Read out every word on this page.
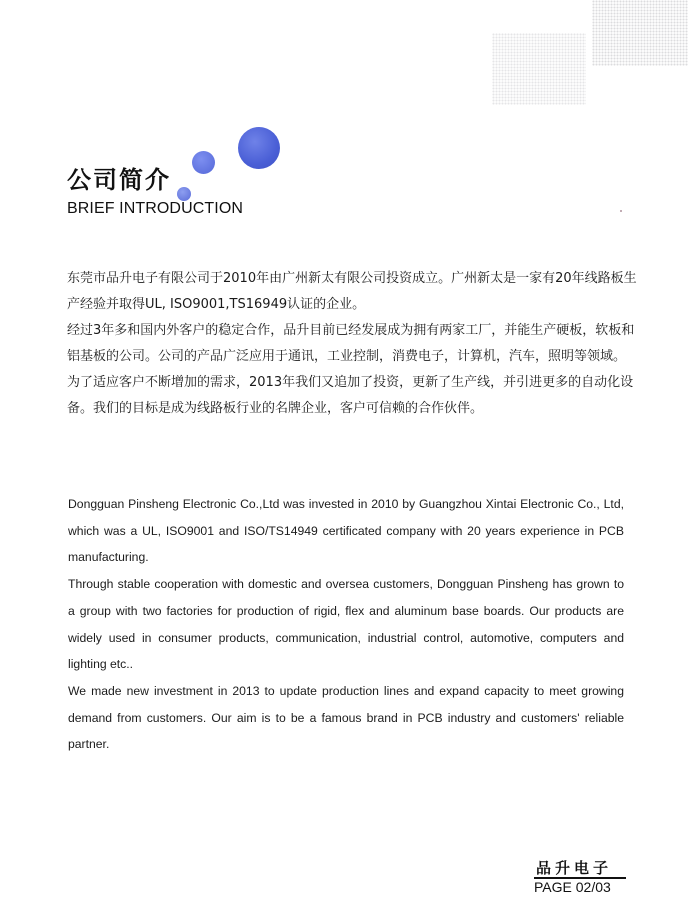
公司简介
BRIEF INTRODUCTION

东莞市品升电子有限公司于2010年由广州新太有限公司投资成立。广州新太是一家有20年线路板生产经验并取得UL, ISO9001,TS16949认证的企业。

经过3年多和国内外客户的稳定合作，品升目前已经发展成为拥有两家工厂，并能生产硬板，软板和铝基板的公司。公司的产品广泛应用于通讯，工业控制，消费电子，计算机，汽车，照明等领域。

为了适应客户不断增加的需求，2013年我们又追加了投资，更新了生产线，并引进更多的自动化设备。我们的目标是成为线路板行业的名牌企业，客户可信赖的合作伙伴。

Dongguan Pinsheng Electronic Co.,Ltd was invested in 2010 by Guangzhou Xintai Electronic Co., Ltd, which was a UL, ISO9001 and ISO/TS14949 certificated company with 20 years experience in PCB manufacturing.

Through stable cooperation with domestic and oversea customers, Dongguan Pinsheng has grown to a group with two factories for production of rigid, flex and aluminum base boards. Our products are widely used in consumer products, communication, industrial control, automotive, computers and lighting etc..

We made new investment in 2013 to update production lines and expand capacity to meet growing demand from customers. Our aim is to be a famous brand in PCB industry and customers' reliable partner.

品升电子
PAGE 02/03
